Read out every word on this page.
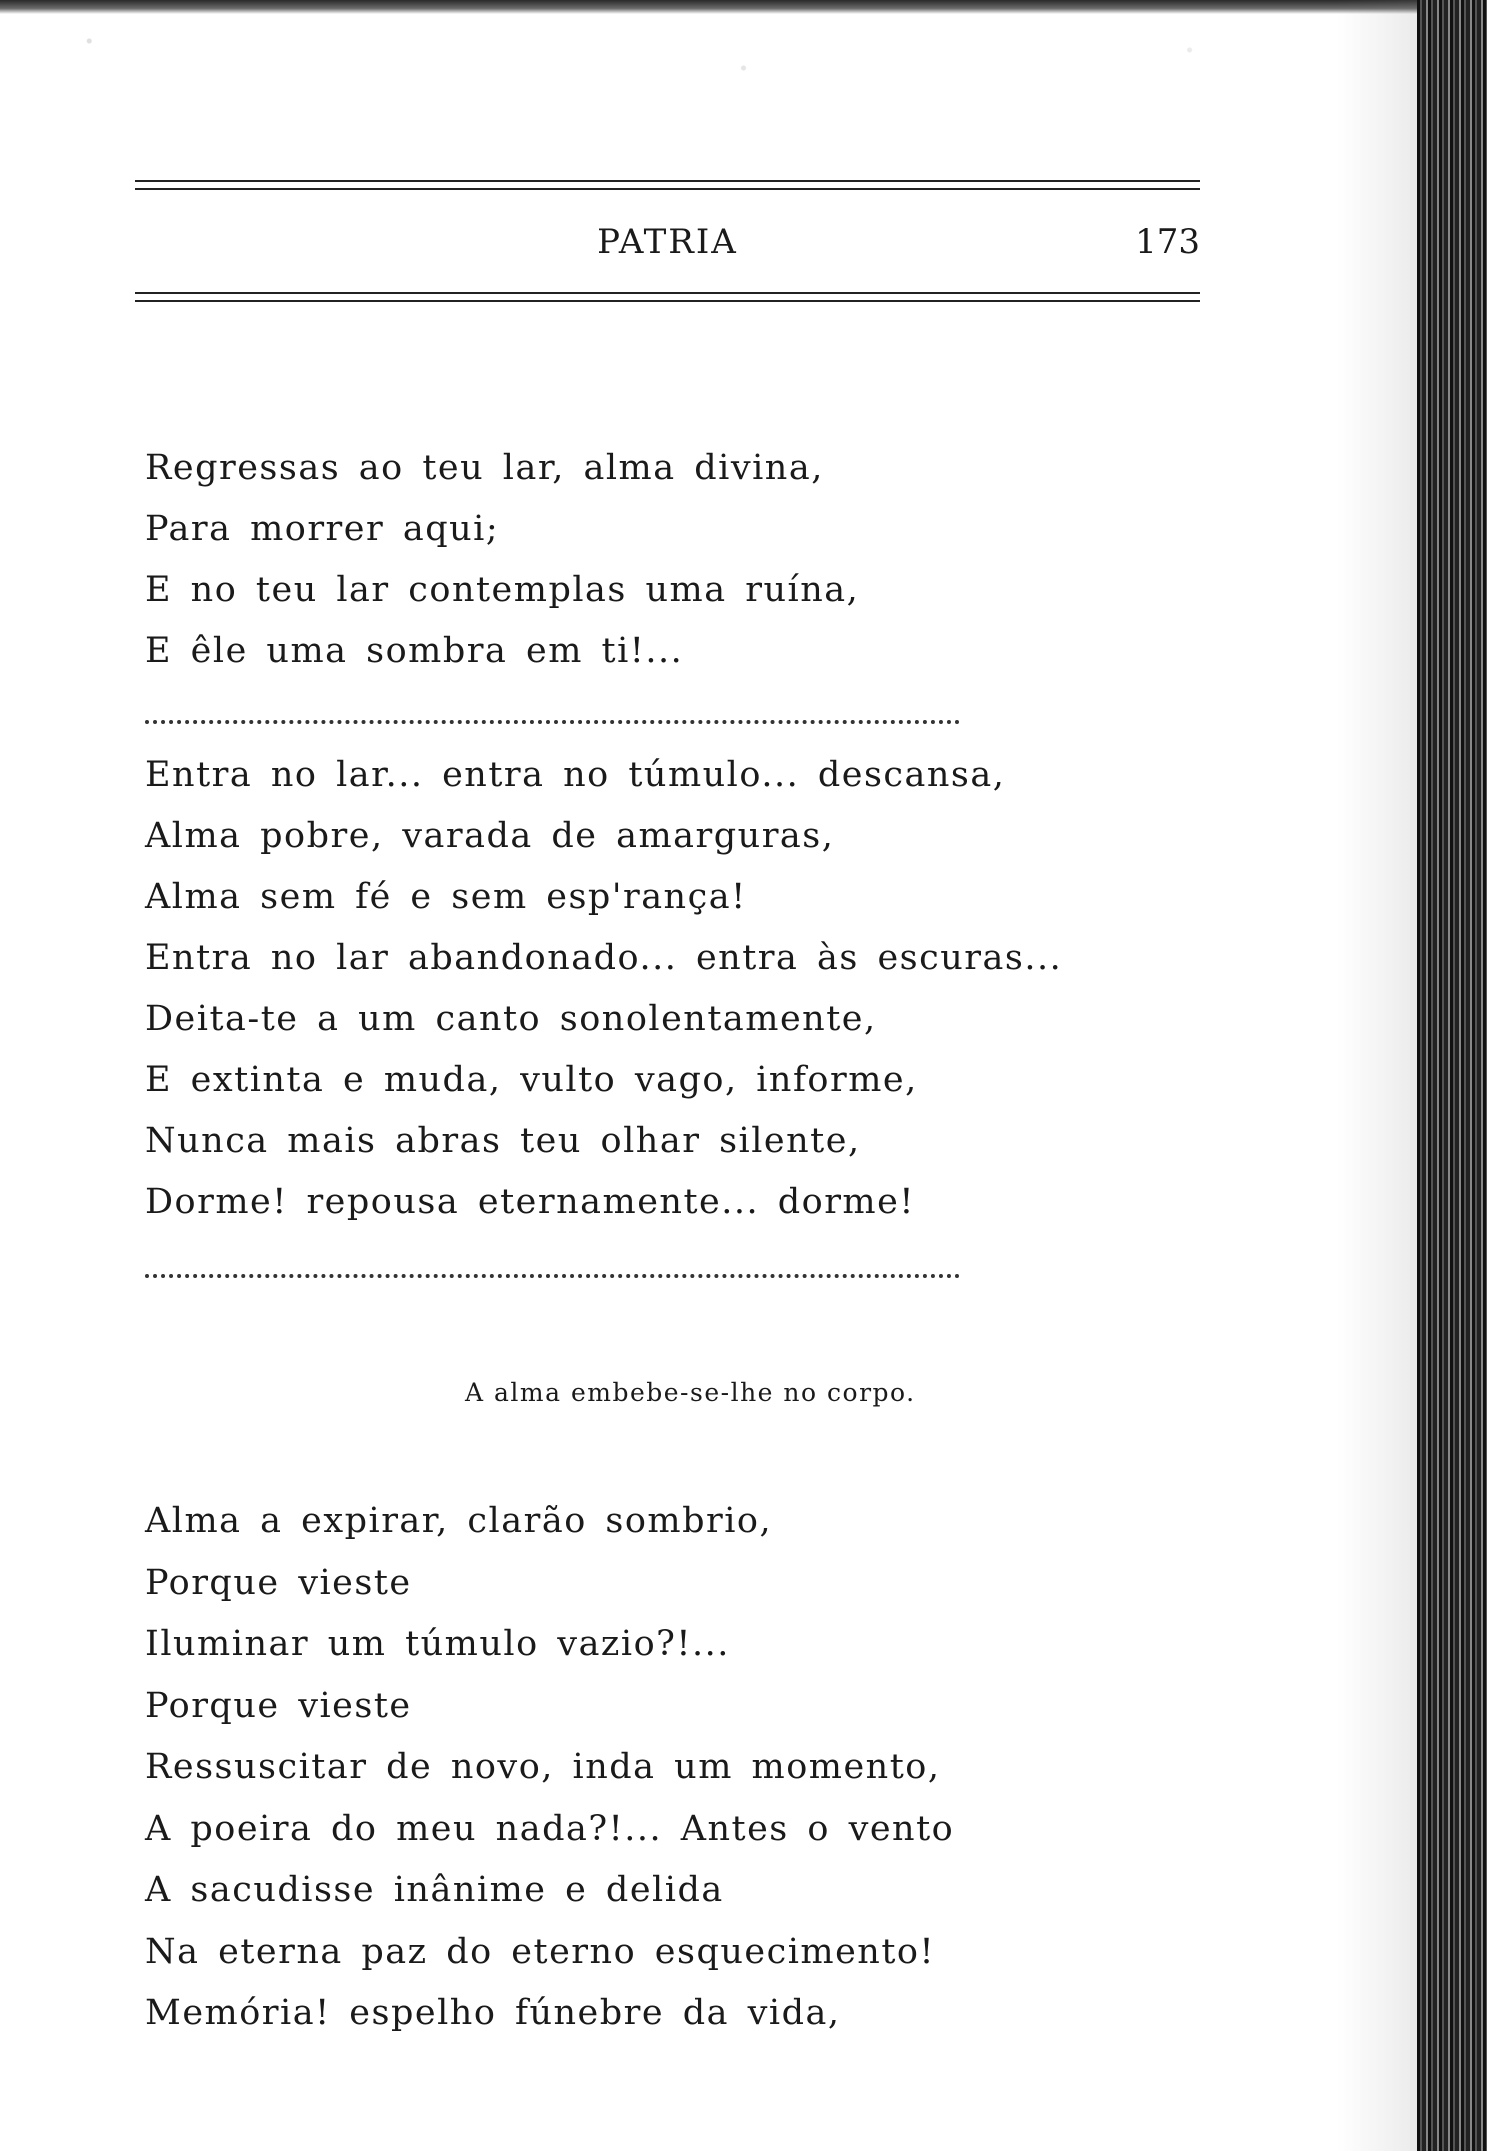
PATRIA	173
Regressas ao teu lar, alma divina,
Para morrer aqui;
E no teu lar contemplas uma ruína,
E êle uma sombra em ti!...
Entra no lar... entra no túmulo... descansa,
Alma pobre, varada de amarguras,
Alma sem fé e sem esp'rança!
Entra no lar abandonado... entra às escuras...
Deita-te a um canto sonolentamente,
E extinta e muda, vulto vago, informe,
Nunca mais abras teu olhar silente,
Dorme! repousa eternamente... dorme!
A alma embebe-se-lhe no corpo.
Alma a expirar, clarão sombrio,
Porque vieste
Iluminar um túmulo vazio?!...
Porque vieste
Ressuscitar de novo, inda um momento,
A poeira do meu nada?!... Antes o vento
A sacudisse inânime e delida
Na eterna paz do eterno esquecimento!
Memória! espelho fúnebre da vida,
